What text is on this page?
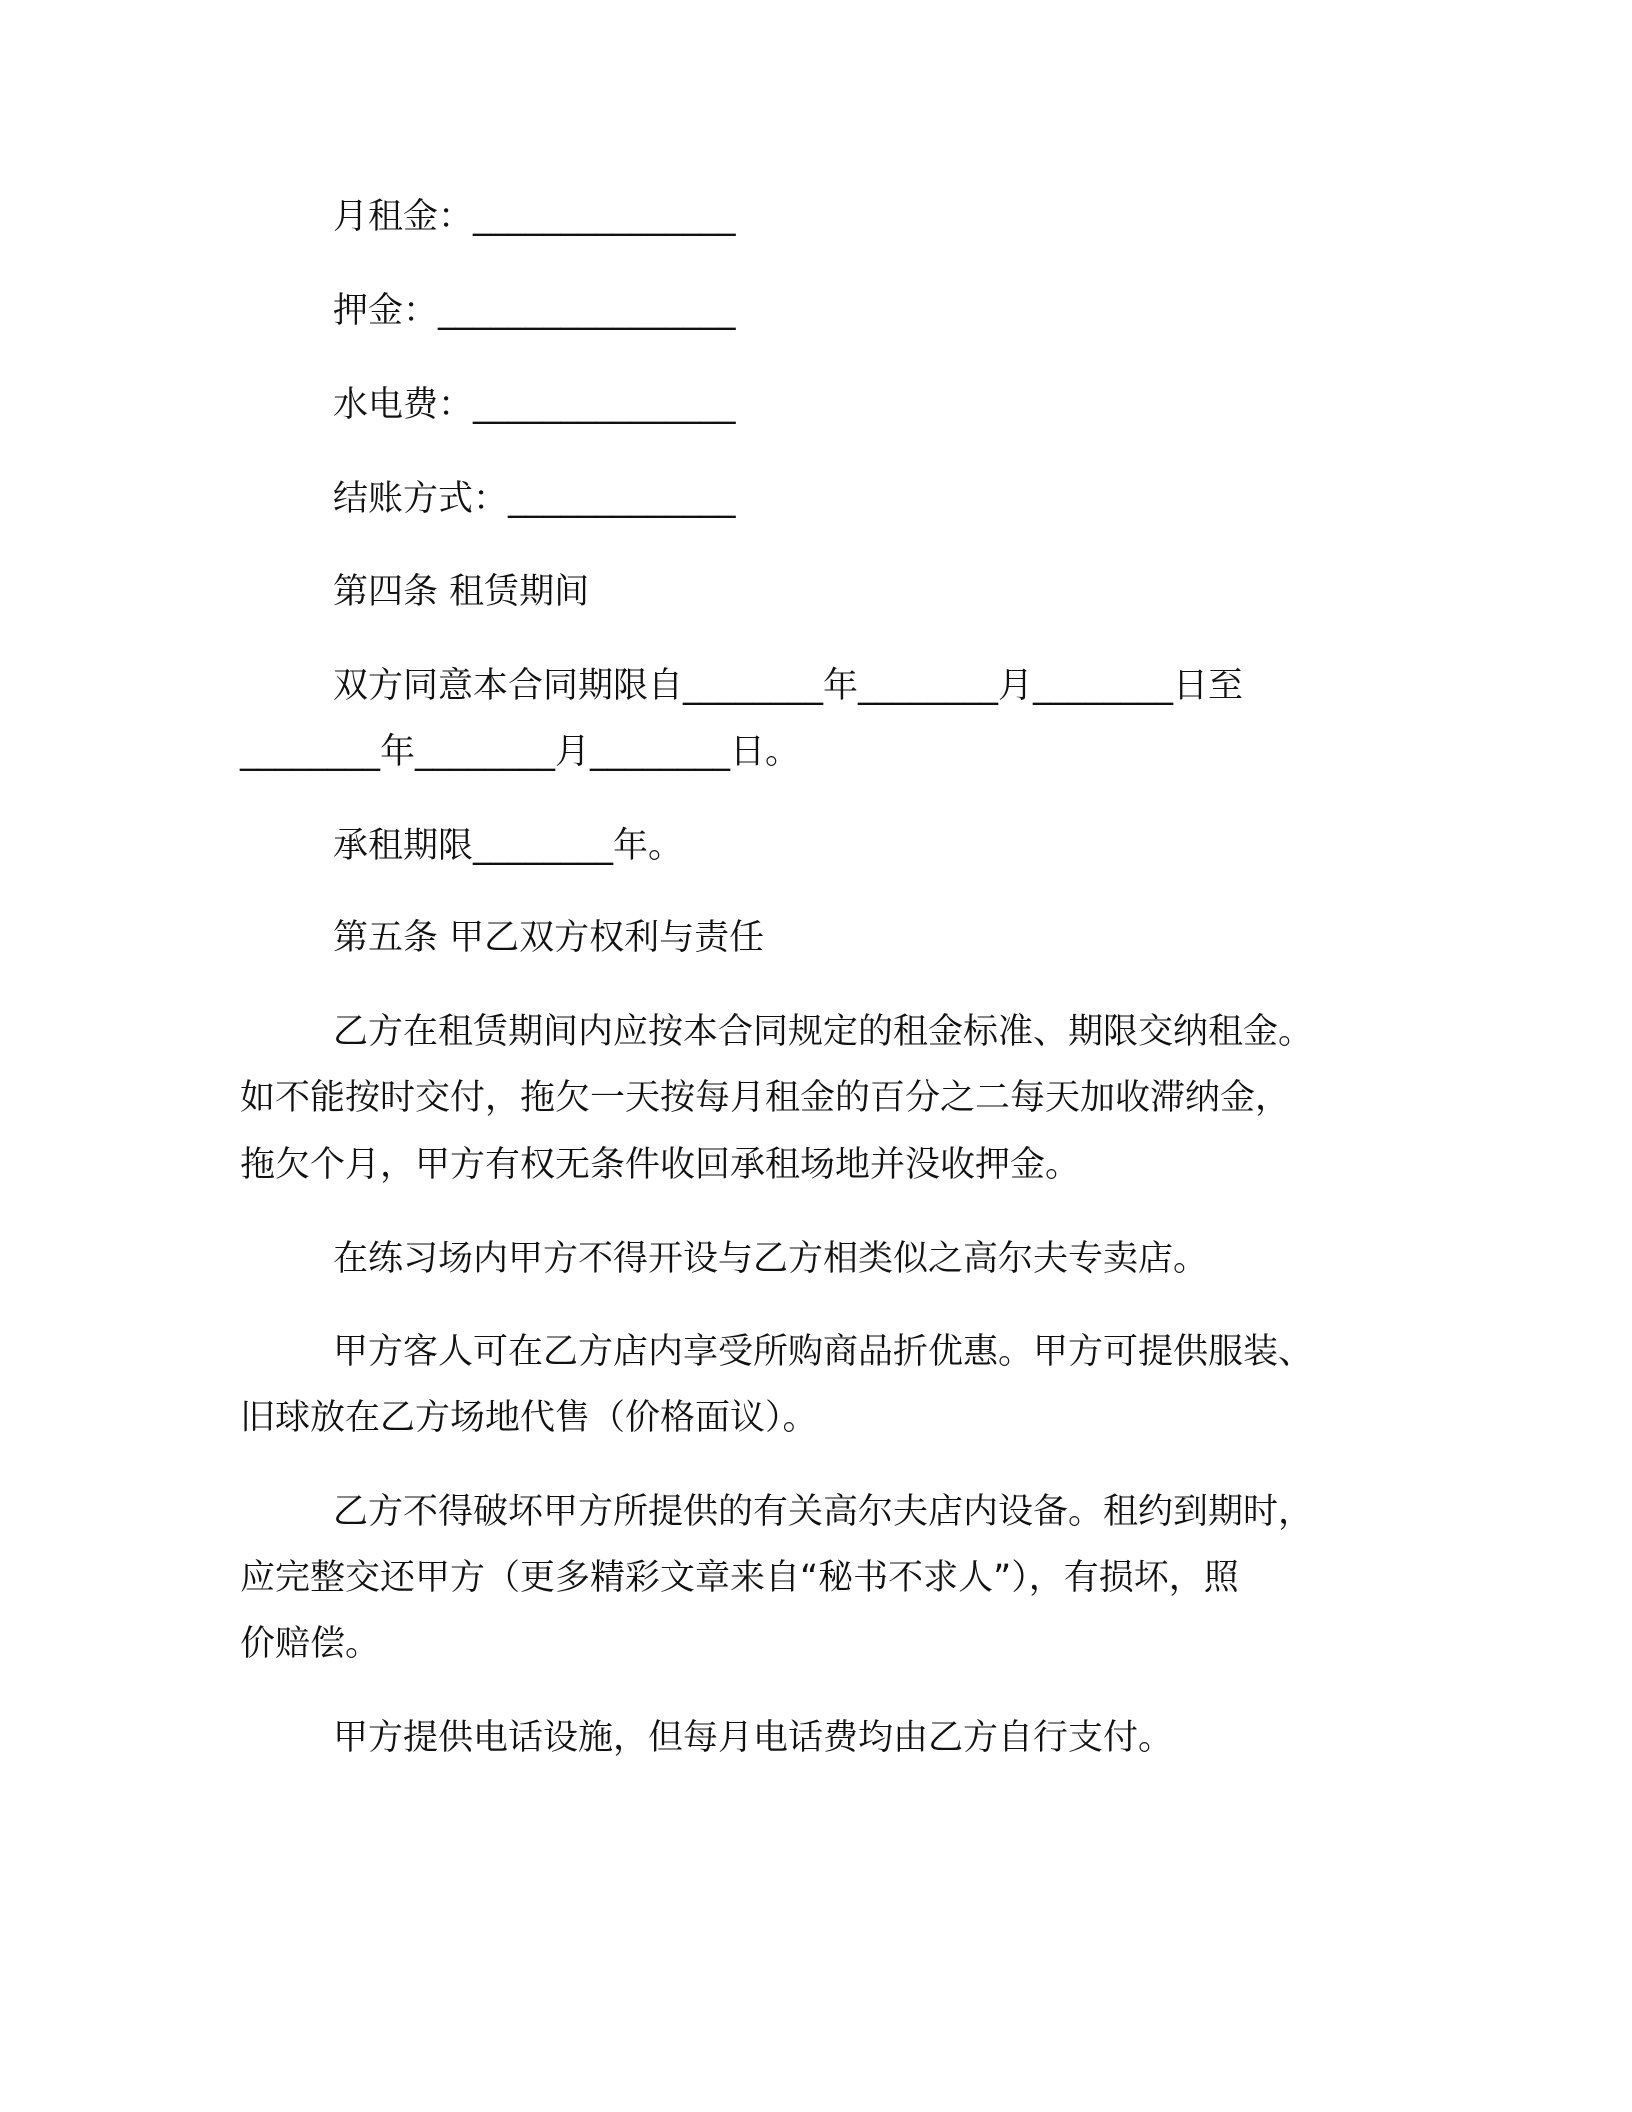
月租金：_______________
押金：_________________
水电费：_______________
结账方式：_____________
第四条 租赁期间
双方同意本合同期限自________年________月________日至
________年________月________日。
承租期限________年。
第五条 甲乙双方权利与责任
乙方在租赁期间内应按本合同规定的租金标准、期限交纳租金。
如不能按时交付，拖欠一天按每月租金的百分之二每天加收滞纳金，
拖欠个月，甲方有权无条件收回承租场地并没收押金。
在练习场内甲方不得开设与乙方相类似之高尔夫专卖店。
甲方客人可在乙方店内享受所购商品折优惠。甲方可提供服装、
旧球放在乙方场地代售（价格面议）。
乙方不得破坏甲方所提供的有关高尔夫店内设备。租约到期时，
应完整交还甲方（更多精彩文章来自“秘书不求人”），有损坏，照
价赔偿。
甲方提供电话设施，但每月电话费均由乙方自行支付。
